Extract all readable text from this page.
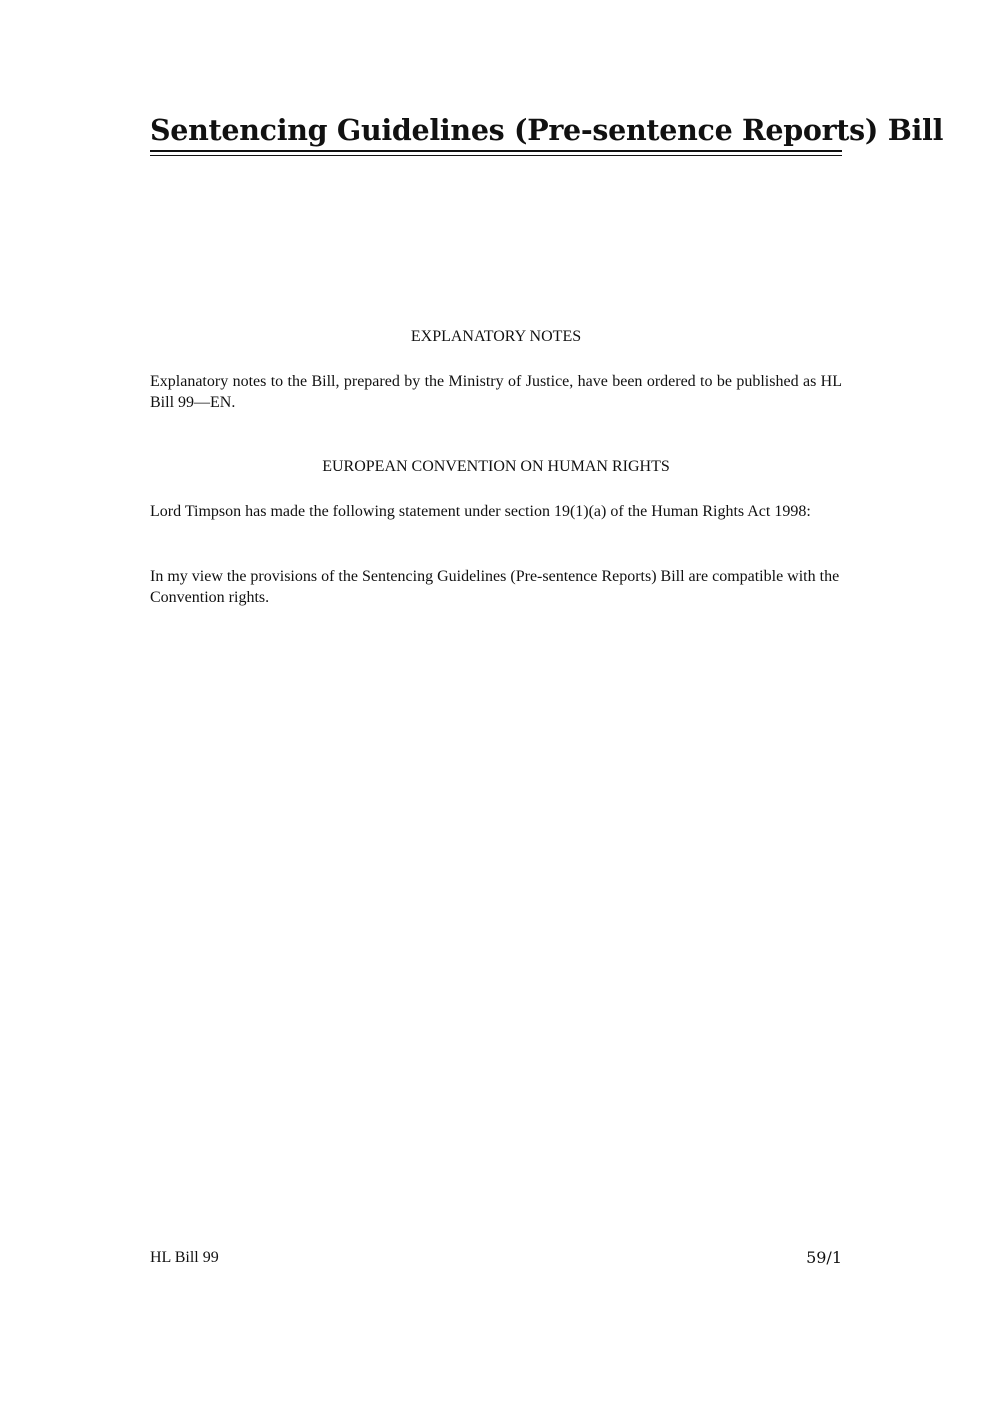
Sentencing Guidelines (Pre-sentence Reports) Bill
EXPLANATORY NOTES

Explanatory notes to the Bill, prepared by the Ministry of Justice, have been ordered to be published as HL Bill 99—EN.

EUROPEAN CONVENTION ON HUMAN RIGHTS

Lord Timpson has made the following statement under section 19(1)(a) of the Human Rights Act 1998:

In my view the provisions of the Sentencing Guidelines (Pre-sentence Reports) Bill are compatible with the Convention rights.

HL Bill 99	59/1
